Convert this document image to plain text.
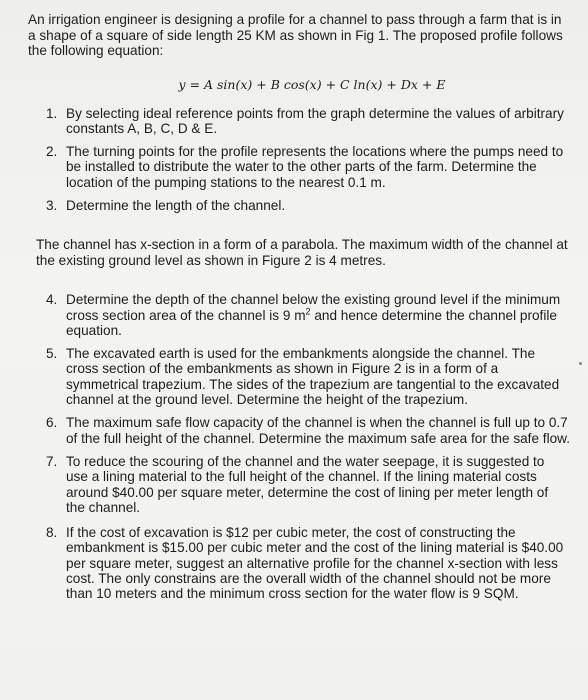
An irrigation engineer is designing a profile for a channel to pass through a farm that is in a shape of a square of side length 25 KM as shown in Fig 1. The proposed profile follows the following equation:

y = A sin(x) + B cos(x) + C ln(x) + Dx + E
1. By selecting ideal reference points from the graph determine the values of arbitrary constants A, B, C, D & E.
2. The turning points for the profile represents the locations where the pumps need to be installed to distribute the water to the other parts of the farm. Determine the location of the pumping stations to the nearest 0.1 m.
3. Determine the length of the channel.

The channel has x-section in a form of a parabola. The maximum width of the channel at the existing ground level as shown in Figure 2 is 4 metres.

4. Determine the depth of the channel below the existing ground level if the minimum cross section area of the channel is 9 $m^2$ and hence determine the channel profile equation.
5. The excavated earth is used for the embankments alongside the channel. The cross section of the embankments as shown in Figure 2 is in a form of a symmetrical trapezium. The sides of the trapezium are tangential to the excavated channel at the ground level. Determine the height of the trapezium.
6. The maximum safe flow capacity of the channel is when the channel is full up to 0.7 of the full height of the channel. Determine the maximum safe area for the safe flow.
7. To reduce the scouring of the channel and the water seepage, it is suggested to use a lining material to the full height of the channel. If the lining material costs around $40.00 per square meter, determine the cost of lining per meter length of the channel.
8. If the cost of excavation is $12 per cubic meter, the cost of constructing the embankment is $15.00 per cubic meter and the cost of the lining material is $40.00 per square meter, suggest an alternative profile for the channel x-section with less cost. The only constrains are the overall width of the channel should not be more than 10 meters and the minimum cross section for the water flow is 9 SQM.
